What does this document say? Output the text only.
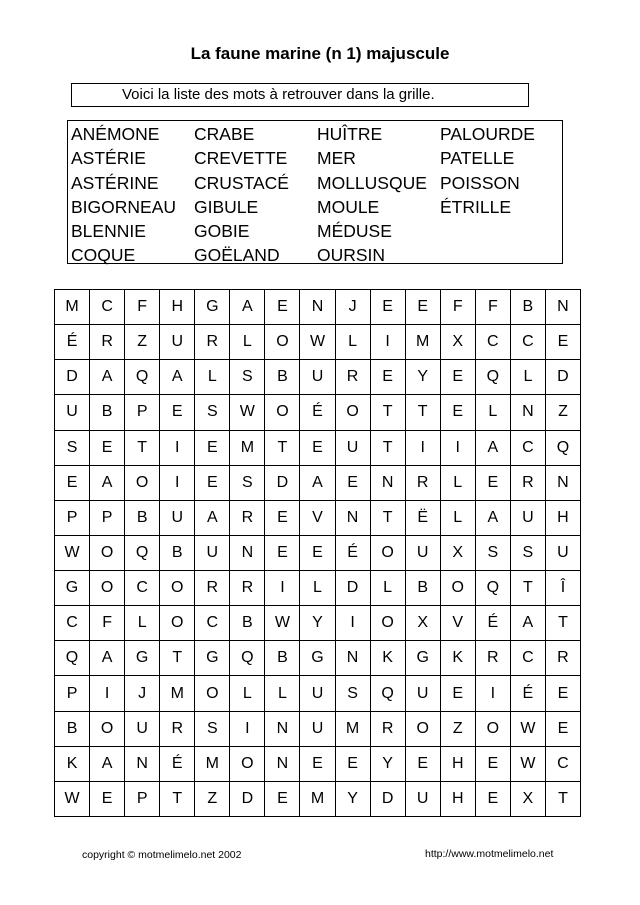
La faune marine (n 1) majuscule
Voici la liste des mots à retrouver dans la grille.
ANÉMONE
ASTÉRIE
ASTÉRINE
BIGORNEAU
BLENNIE
COQUE
CRABE
CREVETTE
CRUSTACÉ
GIBULE
GOBIE
GOËLAND
HUÎTRE
MER
MOLLUSQUE
MOULE
MÉDUSE
OURSIN
PALOURDE
PATELLE
POISSON
ÉTRILLE
M	C	F	H	G	A	E	N	J	E	E	F	F	B	N
É	R	Z	U	R	L	O	W	L	I	M	X	C	C	E
D	A	Q	A	L	S	B	U	R	E	Y	E	Q	L	D
U	B	P	E	S	W	O	É	O	T	T	E	L	N	Z
S	E	T	I	E	M	T	E	U	T	I	I	A	C	Q
E	A	O	I	E	S	D	A	E	N	R	L	E	R	N
P	P	B	U	A	R	E	V	N	T	Ë	L	A	U	H
W	O	Q	B	U	N	E	E	É	O	U	X	S	S	U
G	O	C	O	R	R	I	L	D	L	B	O	Q	T	Î
C	F	L	O	C	B	W	Y	I	O	X	V	É	A	T
Q	A	G	T	G	Q	B	G	N	K	G	K	R	C	R
P	I	J	M	O	L	L	U	S	Q	U	E	I	É	E
B	O	U	R	S	I	N	U	M	R	O	Z	O	W	E
K	A	N	É	M	O	N	E	E	Y	E	H	E	W	C
W	E	P	T	Z	D	E	M	Y	D	U	H	E	X	T
copyright © motmelimelo.net 2002	http://www.motmelimelo.net
